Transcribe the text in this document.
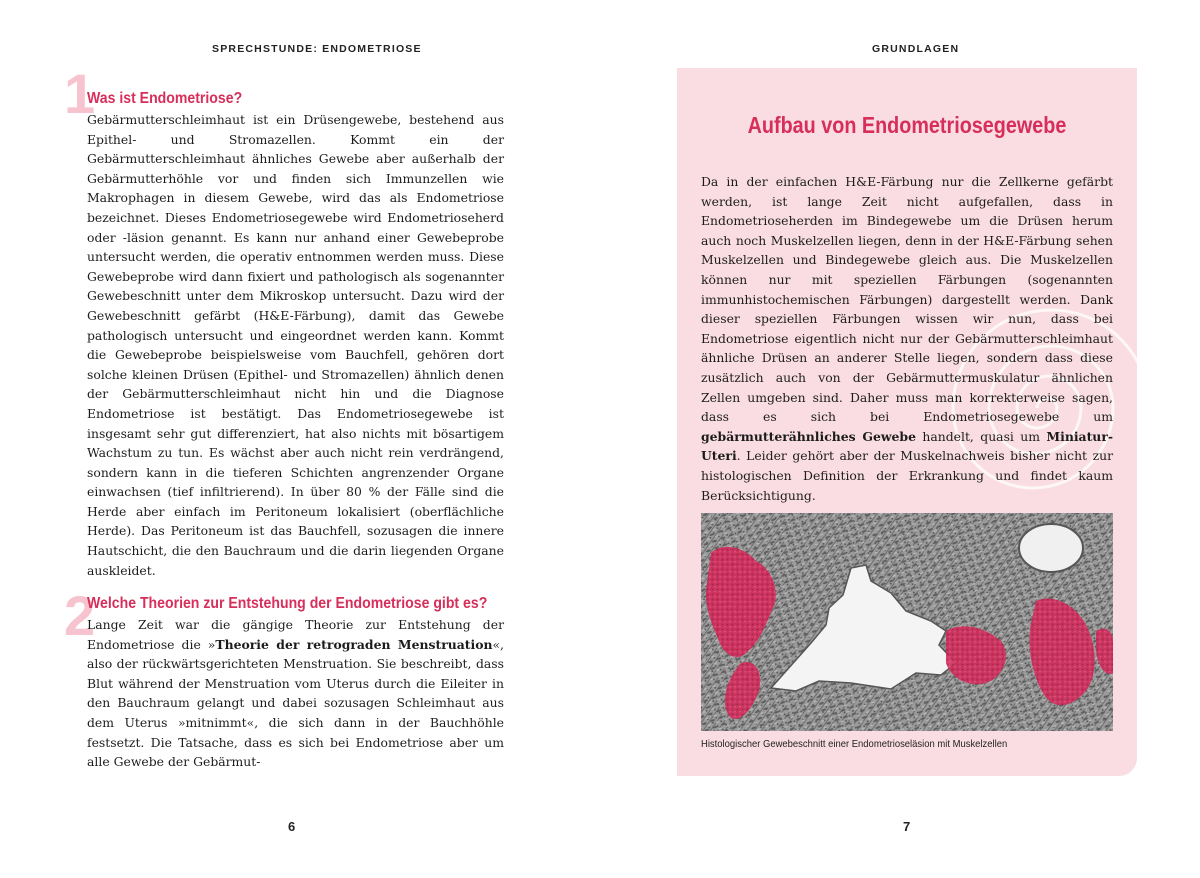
SPRECHSTUNDE: ENDOMETRIOSE
1
Was ist Endometriose?

Gebärmutterschleimhaut ist ein Drüsengewebe, bestehend aus Epithel- und Stromazellen. Kommt ein der Gebärmutterschleimhaut ähnliches Gewebe aber außerhalb der Gebärmutterhöhle vor und finden sich Immunzellen wie Makrophagen in diesem Gewebe, wird das als Endometriose bezeichnet. Dieses Endometriosegewebe wird Endometrioseherd oder -läsion genannt. Es kann nur anhand einer Gewebeprobe untersucht werden, die operativ entnommen werden muss. Diese Gewebeprobe wird dann fixiert und pathologisch als sogenannter Gewebeschnitt unter dem Mikroskop untersucht. Dazu wird der Gewebeschnitt gefärbt (H&E-Färbung), damit das Gewebe pathologisch untersucht und eingeordnet werden kann. Kommt die Gewebeprobe beispielsweise vom Bauchfell, gehören dort solche kleinen Drüsen (Epithel- und Stromazellen) ähnlich denen der Gebärmutterschleimhaut nicht hin und die Diagnose Endometriose ist bestätigt. Das Endometriosegewebe ist insgesamt sehr gut differenziert, hat also nichts mit bösartigem Wachstum zu tun. Es wächst aber auch nicht rein verdrängend, sondern kann in die tieferen Schichten angrenzender Organe einwachsen (tief infiltrierend). In über 80 % der Fälle sind die Herde aber einfach im Peritoneum lokalisiert (oberflächliche Herde). Das Peritoneum ist das Bauchfell, sozusagen die innere Hautschicht, die den Bauchraum und die darin liegenden Organe auskleidet.

2
Welche Theorien zur Entstehung der Endometriose gibt es?

Lange Zeit war die gängige Theorie zur Entstehung der Endometriose die »Theorie der retrograden Menstruation«, also der rückwärtsgerichteten Menstruation. Sie beschreibt, dass Blut während der Menstruation vom Uterus durch die Eileiter in den Bauchraum gelangt und dabei sozusagen Schleimhaut aus dem Uterus »mitnimmt«, die sich dann in der Bauchhöhle festsetzt. Die Tatsache, dass es sich bei Endometriose aber um alle Gewebe der Gebärmut-

6
GRUNDLAGEN
Aufbau von Endometriosegewebe

Da in der einfachen H&E-Färbung nur die Zellkerne gefärbt werden, ist lange Zeit nicht aufgefallen, dass in Endometrioseherden im Bindegewebe um die Drüsen herum auch noch Muskelzellen liegen, denn in der H&E-Färbung sehen Muskelzellen und Bindegewebe gleich aus. Die Muskelzellen können nur mit speziellen Färbungen (sogenannten immunhistochemischen Färbungen) dargestellt werden. Dank dieser speziellen Färbungen wissen wir nun, dass bei Endometriose eigentlich nicht nur der Gebärmutterschleimhaut ähnliche Drüsen an anderer Stelle liegen, sondern dass diese zusätzlich auch von der Gebärmuttermuskulatur ähnlichen Zellen umgeben sind. Daher muss man korrekterweise sagen, dass es sich bei Endometriosegewebe um gebärmutterähnliches Gewebe handelt, quasi um Miniatur-Uteri. Leider gehört aber der Muskelnachweis bisher nicht zur histologischen Definition der Erkrankung und findet kaum Berücksichtigung.

Histologischer Gewebeschnitt einer Endometrioseläsion mit Muskelzellen

7
